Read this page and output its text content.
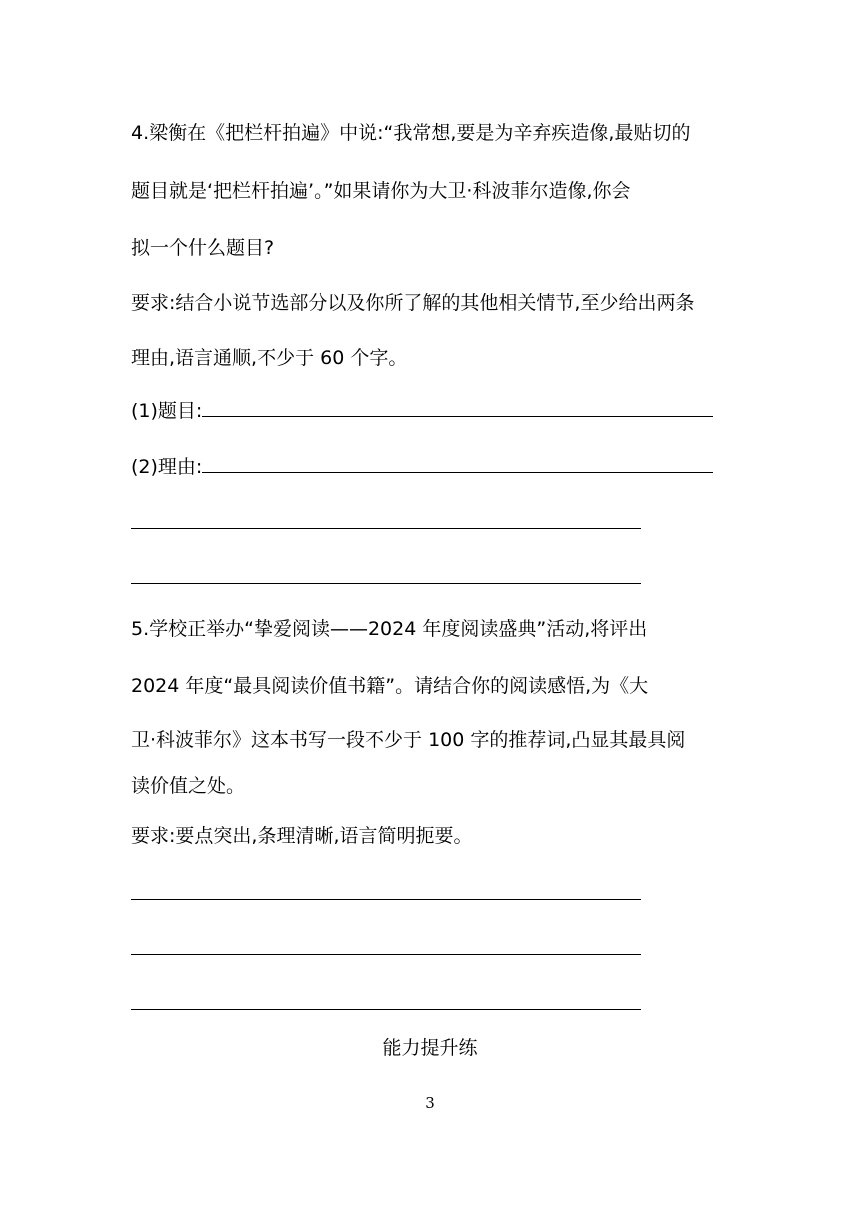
4.梁衡在《把栏杆拍遍》中说:“我常想,要是为辛弃疾造像,最贴切的
题目就是‘把栏杆拍遍’。”如果请你为大卫·科波菲尔造像,你会
拟一个什么题目?
要求:结合小说节选部分以及你所了解的其他相关情节,至少给出两条
理由,语言通顺,不少于 60 个字。
(1)题目:
(2)理由:
5.学校正举办“挚爱阅读——2024 年度阅读盛典”活动,将评出
2024 年度“最具阅读价值书籍”。请结合你的阅读感悟,为《大
卫·科波菲尔》这本书写一段不少于 100 字的推荐词,凸显其最具阅
读价值之处。
要求:要点突出,条理清晰,语言简明扼要。
能力提升练
3
